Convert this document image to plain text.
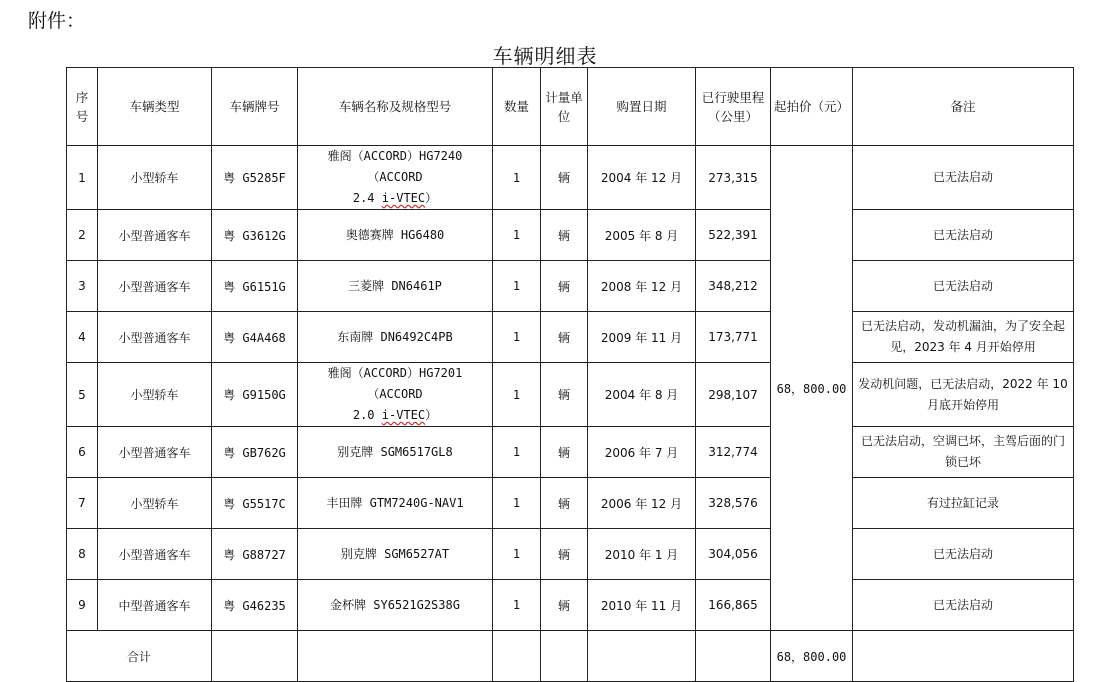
附件：
车辆明细表
序号	车辆类型	车辆牌号	车辆名称及规格型号	数量	计量单位	购置日期	已行驶里程（公里）	起拍价（元）	备注
1	小型轿车	粤 G5285F	雅阁（ACCORD）HG7240（ACCORD
2.4 i-VTEC）	1	辆	2004 年 12 月	273,315	68，800.00	已无法启动
2	小型普通客车	粤 G3612G	奥德赛牌 HG6480	1	辆	2005 年 8 月	522,391		已无法启动
3	小型普通客车	粤 G6151G	三菱牌 DN6461P	1	辆	2008 年 12 月	348,212		已无法启动
4	小型普通客车	粤 G4A468	东南牌 DN6492C4PB	1	辆	2009 年 11 月	173,771		已无法启动，发动机漏油，为了安全起见，2023 年 4 月开始停用
5	小型轿车	粤 G9150G	雅阁（ACCORD）HG7201（ACCORD
2.0 i-VTEC）	1	辆	2004 年 8 月	298,107		发动机问题，已无法启动，2022 年 10 月底开始停用
6	小型普通客车	粤 GB762G	别克牌 SGM6517GL8	1	辆	2006 年 7 月	312,774		已无法启动，空调已坏，主驾后面的门锁已坏
7	小型轿车	粤 G5517C	丰田牌 GTM7240G-NAV1	1	辆	2006 年 12 月	328,576		有过拉缸记录
8	小型普通客车	粤 G88727	别克牌 SGM6527AT	1	辆	2010 年 1 月	304,056		已无法启动
9	中型普通客车	粤 G46235	金杯牌 SY6521G2S38G	1	辆	2010 年 11 月	166,865		已无法启动
合计								68，800.00	
